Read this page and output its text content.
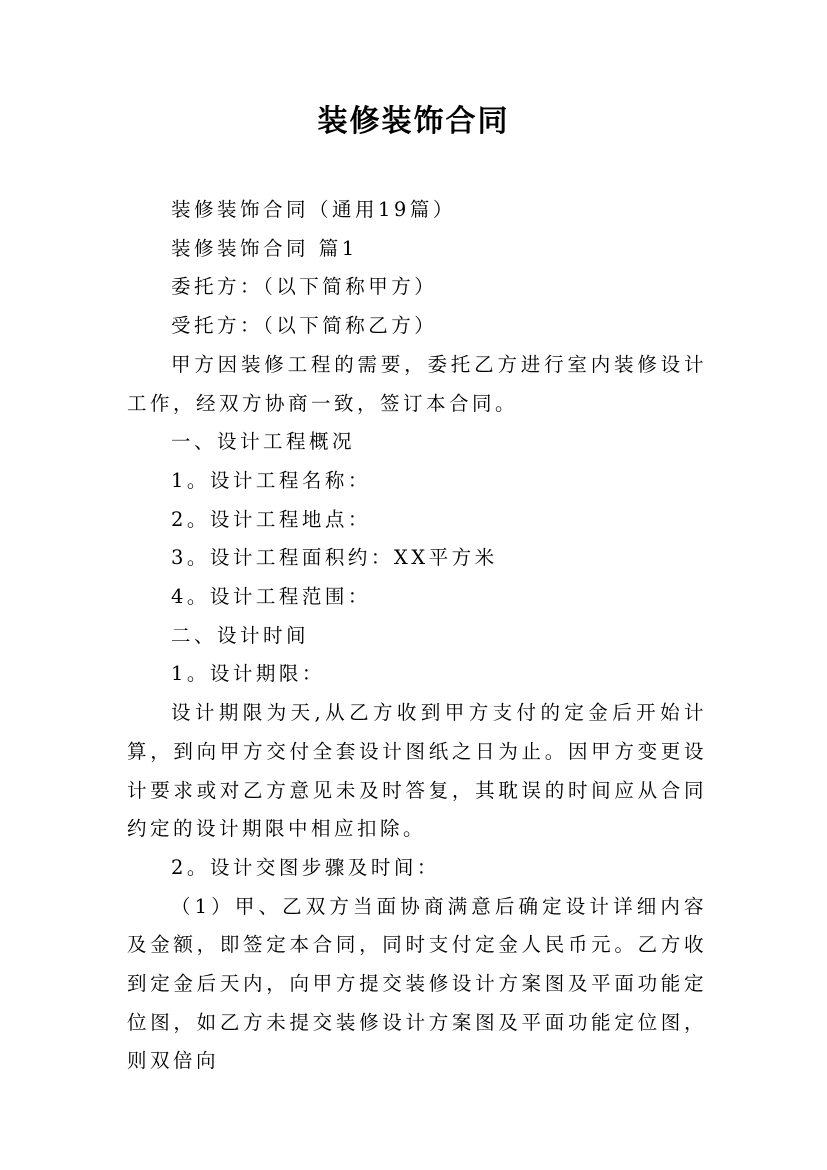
装修装饰合同

装修装饰合同（通用19篇）

装修装饰合同 篇1

委托方：（以下简称甲方）

受托方：（以下简称乙方）

甲方因装修工程的需要，委托乙方进行室内装修设计工作，经双方协商一致，签订本合同。

一、设计工程概况

1。设计工程名称：

2。设计工程地点：

3。设计工程面积约：XX平方米

4。设计工程范围：

二、设计时间

1。设计期限：

设计期限为天,从乙方收到甲方支付的定金后开始计算，到向甲方交付全套设计图纸之日为止。因甲方变更设计要求或对乙方意见未及时答复，其耽误的时间应从合同约定的设计期限中相应扣除。

2。设计交图步骤及时间：

（1）甲、乙双方当面协商满意后确定设计详细内容及金额，即签定本合同，同时支付定金人民币元。乙方收到定金后天内，向甲方提交装修设计方案图及平面功能定位图，如乙方未提交装修设计方案图及平面功能定位图，则双倍向
